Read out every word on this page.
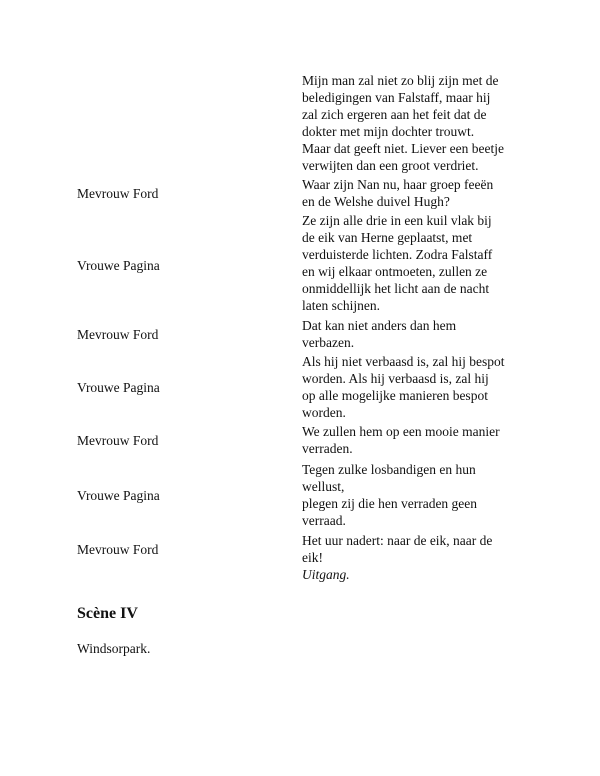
Mijn man zal niet zo blij zijn met de
beledigingen van Falstaff, maar hij
zal zich ergeren aan het feit dat de
dokter met mijn dochter trouwt.
Maar dat geeft niet. Liever een beetje
verwijten dan een groot verdriet.
Mevrouw Ford
Waar zijn Nan nu, haar groep feeën
en de Welshe duivel Hugh?
Vrouwe Pagina
Ze zijn alle drie in een kuil vlak bij
de eik van Herne geplaatst, met
verduisterde lichten. Zodra Falstaff
en wij elkaar ontmoeten, zullen ze
onmiddellijk het licht aan de nacht
laten schijnen.
Mevrouw Ford
Dat kan niet anders dan hem
verbazen.
Vrouwe Pagina
Als hij niet verbaasd is, zal hij bespot
worden. Als hij verbaasd is, zal hij
op alle mogelijke manieren bespot
worden.
Mevrouw Ford
We zullen hem op een mooie manier
verraden.
Vrouwe Pagina
Tegen zulke losbandigen en hun
wellust,
plegen zij die hen verraden geen
verraad.
Mevrouw Ford
Het uur nadert: naar de eik, naar de
eik!
Uitgang.
Scène IV

Windsorpark.
